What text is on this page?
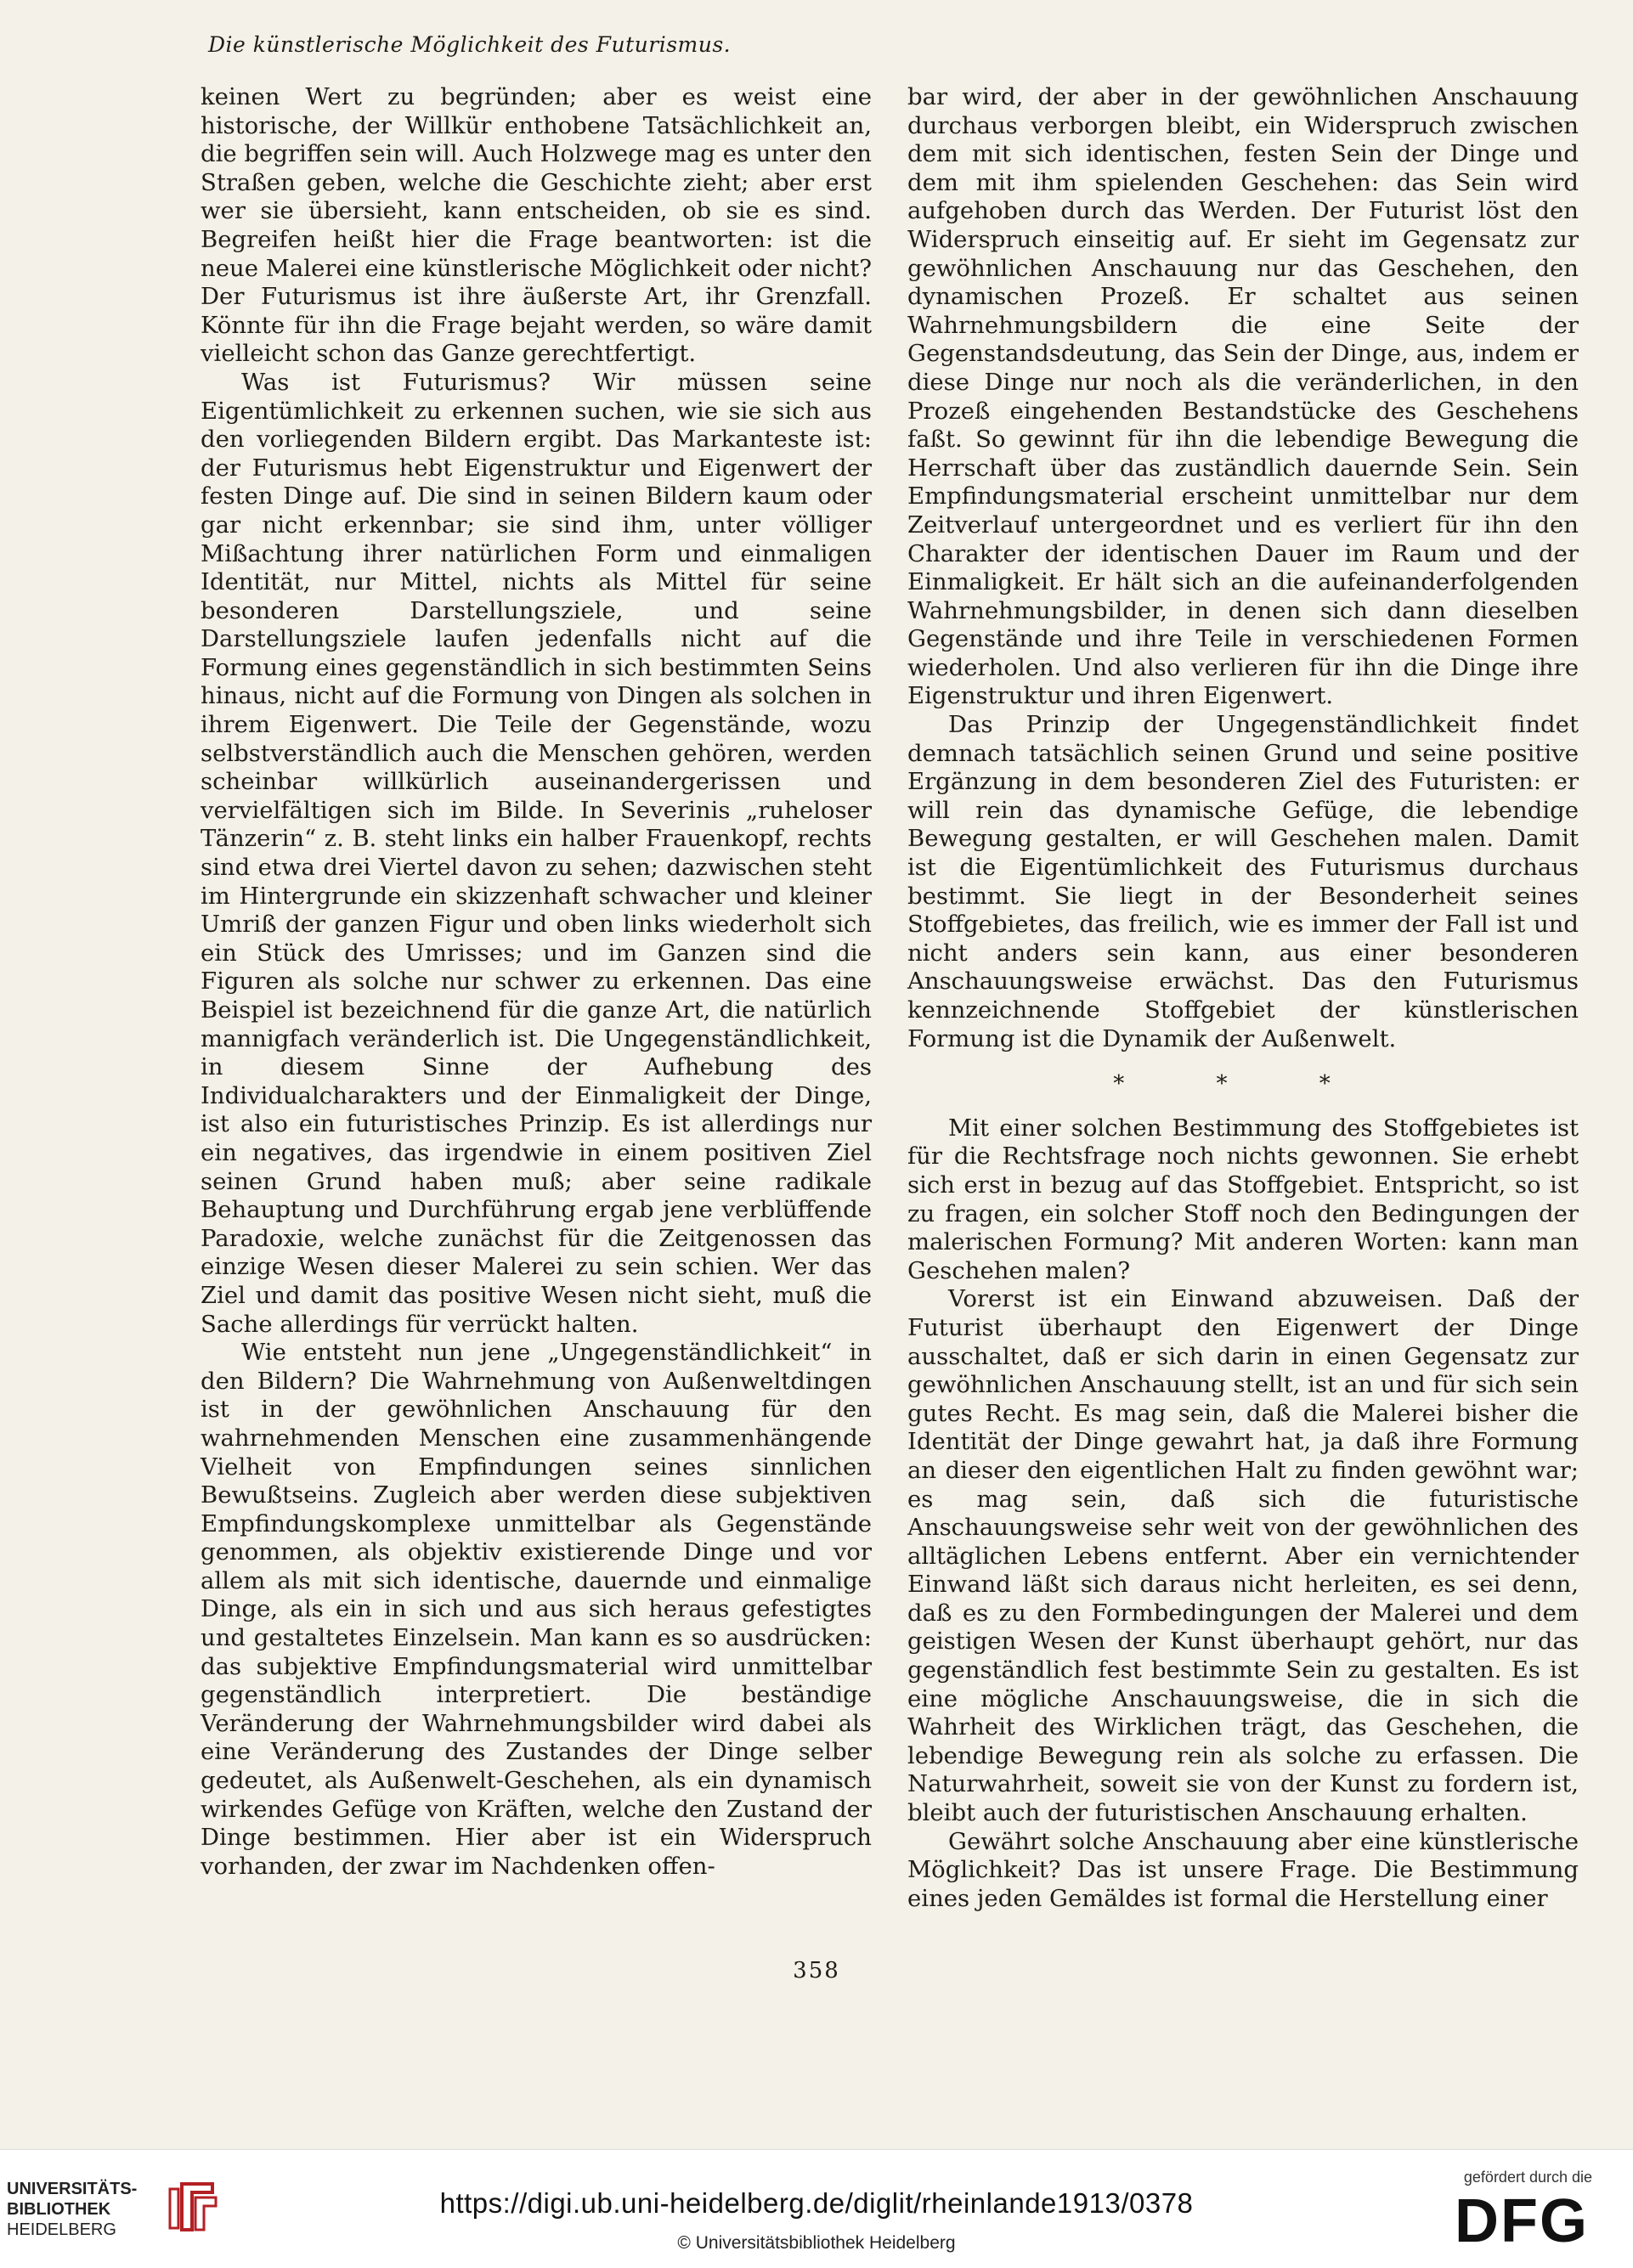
Die künstlerische Möglichkeit des Futurismus.

keinen Wert zu begründen; aber es weist eine historische, der Willkür enthobene Tatsächlichkeit an, die begriffen sein will. Auch Holzwege mag es unter den Straßen geben, welche die Geschichte zieht; aber erst wer sie übersieht, kann entscheiden, ob sie es sind. Begreifen heißt hier die Frage beantworten: ist die neue Malerei eine künstlerische Möglichkeit oder nicht? Der Futurismus ist ihre äußerste Art, ihr Grenzfall. Könnte für ihn die Frage bejaht werden, so wäre damit vielleicht schon das Ganze gerechtfertigt.

Was ist Futurismus? Wir müssen seine Eigentümlichkeit zu erkennen suchen, wie sie sich aus den vorliegenden Bildern ergibt. Das Markanteste ist: der Futurismus hebt Eigenstruktur und Eigenwert der festen Dinge auf. Die sind in seinen Bildern kaum oder gar nicht erkennbar; sie sind ihm, unter völliger Mißachtung ihrer natürlichen Form und einmaligen Identität, nur Mittel, nichts als Mittel für seine besonderen Darstellungsziele, und seine Darstellungsziele laufen jedenfalls nicht auf die Formung eines gegenständlich in sich bestimmten Seins hinaus, nicht auf die Formung von Dingen als solchen in ihrem Eigenwert. Die Teile der Gegenstände, wozu selbstverständlich auch die Menschen gehören, werden scheinbar willkürlich auseinandergerissen und vervielfältigen sich im Bilde. In Severinis „ruheloser Tänzerin“ z. B. steht links ein halber Frauenkopf, rechts sind etwa drei Viertel davon zu sehen; dazwischen steht im Hintergrunde ein skizzenhaft schwacher und kleiner Umriß der ganzen Figur und oben links wiederholt sich ein Stück des Umrisses; und im Ganzen sind die Figuren als solche nur schwer zu erkennen. Das eine Beispiel ist bezeichnend für die ganze Art, die natürlich mannigfach veränderlich ist. Die Ungegenständlichkeit, in diesem Sinne der Aufhebung des Individualcharakters und der Einmaligkeit der Dinge, ist also ein futuristisches Prinzip. Es ist allerdings nur ein negatives, das irgendwie in einem positiven Ziel seinen Grund haben muß; aber seine radikale Behauptung und Durchführung ergab jene verblüffende Paradoxie, welche zunächst für die Zeitgenossen das einzige Wesen dieser Malerei zu sein schien. Wer das Ziel und damit das positive Wesen nicht sieht, muß die Sache allerdings für verrückt halten.

Wie entsteht nun jene „Ungegenständlichkeit“ in den Bildern? Die Wahrnehmung von Außenweltdingen ist in der gewöhnlichen Anschauung für den wahrnehmenden Menschen eine zusammenhängende Vielheit von Empfindungen seines sinnlichen Bewußtseins. Zugleich aber werden diese subjektiven Empfindungskomplexe unmittelbar als Gegenstände genommen, als objektiv existierende Dinge und vor allem als mit sich identische, dauernde und einmalige Dinge, als ein in sich und aus sich heraus gefestigtes und gestaltetes Einzelsein. Man kann es so ausdrücken: das subjektive Empfindungsmaterial wird unmittelbar gegenständlich interpretiert. Die beständige Veränderung der Wahrnehmungsbilder wird dabei als eine Veränderung des Zustandes der Dinge selber gedeutet, als Außenwelt-Geschehen, als ein dynamisch wirkendes Gefüge von Kräften, welche den Zustand der Dinge bestimmen. Hier aber ist ein Widerspruch vorhanden, der zwar im Nachdenken offen-

bar wird, der aber in der gewöhnlichen Anschauung durchaus verborgen bleibt, ein Widerspruch zwischen dem mit sich identischen, festen Sein der Dinge und dem mit ihm spielenden Geschehen: das Sein wird aufgehoben durch das Werden. Der Futurist löst den Widerspruch einseitig auf. Er sieht im Gegensatz zur gewöhnlichen Anschauung nur das Geschehen, den dynamischen Prozeß. Er schaltet aus seinen Wahrnehmungsbildern die eine Seite der Gegenstandsdeutung, das Sein der Dinge, aus, indem er diese Dinge nur noch als die veränderlichen, in den Prozeß eingehenden Bestandstücke des Geschehens faßt. So gewinnt für ihn die lebendige Bewegung die Herrschaft über das zuständlich dauernde Sein. Sein Empfindungsmaterial erscheint unmittelbar nur dem Zeitverlauf untergeordnet und es verliert für ihn den Charakter der identischen Dauer im Raum und der Einmaligkeit. Er hält sich an die aufeinanderfolgenden Wahrnehmungsbilder, in denen sich dann dieselben Gegenstände und ihre Teile in verschiedenen Formen wiederholen. Und also verlieren für ihn die Dinge ihre Eigenstruktur und ihren Eigenwert.

Das Prinzip der Ungegenständlichkeit findet demnach tatsächlich seinen Grund und seine positive Ergänzung in dem besonderen Ziel des Futuristen: er will rein das dynamische Gefüge, die lebendige Bewegung gestalten, er will Geschehen malen. Damit ist die Eigentümlichkeit des Futurismus durchaus bestimmt. Sie liegt in der Besonderheit seines Stoffgebietes, das freilich, wie es immer der Fall ist und nicht anders sein kann, aus einer besonderen Anschauungsweise erwächst. Das den Futurismus kennzeichnende Stoffgebiet der künstlerischen Formung ist die Dynamik der Außenwelt.

* * *

Mit einer solchen Bestimmung des Stoffgebietes ist für die Rechtsfrage noch nichts gewonnen. Sie erhebt sich erst in bezug auf das Stoffgebiet. Entspricht, so ist zu fragen, ein solcher Stoff noch den Bedingungen der malerischen Formung? Mit anderen Worten: kann man Geschehen malen?

Vorerst ist ein Einwand abzuweisen. Daß der Futurist überhaupt den Eigenwert der Dinge ausschaltet, daß er sich darin in einen Gegensatz zur gewöhnlichen Anschauung stellt, ist an und für sich sein gutes Recht. Es mag sein, daß die Malerei bisher die Identität der Dinge gewahrt hat, ja daß ihre Formung an dieser den eigentlichen Halt zu finden gewöhnt war; es mag sein, daß sich die futuristische Anschauungsweise sehr weit von der gewöhnlichen des alltäglichen Lebens entfernt. Aber ein vernichtender Einwand läßt sich daraus nicht herleiten, es sei denn, daß es zu den Formbedingungen der Malerei und dem geistigen Wesen der Kunst überhaupt gehört, nur das gegenständlich fest bestimmte Sein zu gestalten. Es ist eine mögliche Anschauungsweise, die in sich die Wahrheit des Wirklichen trägt, das Geschehen, die lebendige Bewegung rein als solche zu erfassen. Die Naturwahrheit, soweit sie von der Kunst zu fordern ist, bleibt auch der futuristischen Anschauung erhalten.

Gewährt solche Anschauung aber eine künstlerische Möglichkeit? Das ist unsere Frage. Die Bestimmung eines jeden Gemäldes ist formal die Herstellung einer

358
UNIVERSITÄTS-
BIBLIOTHEK
HEIDELBERG
https://digi.ub.uni-heidelberg.de/diglit/rheinlande1913/0378
© Universitätsbibliothek Heidelberg
gefördert durch die
DFG
